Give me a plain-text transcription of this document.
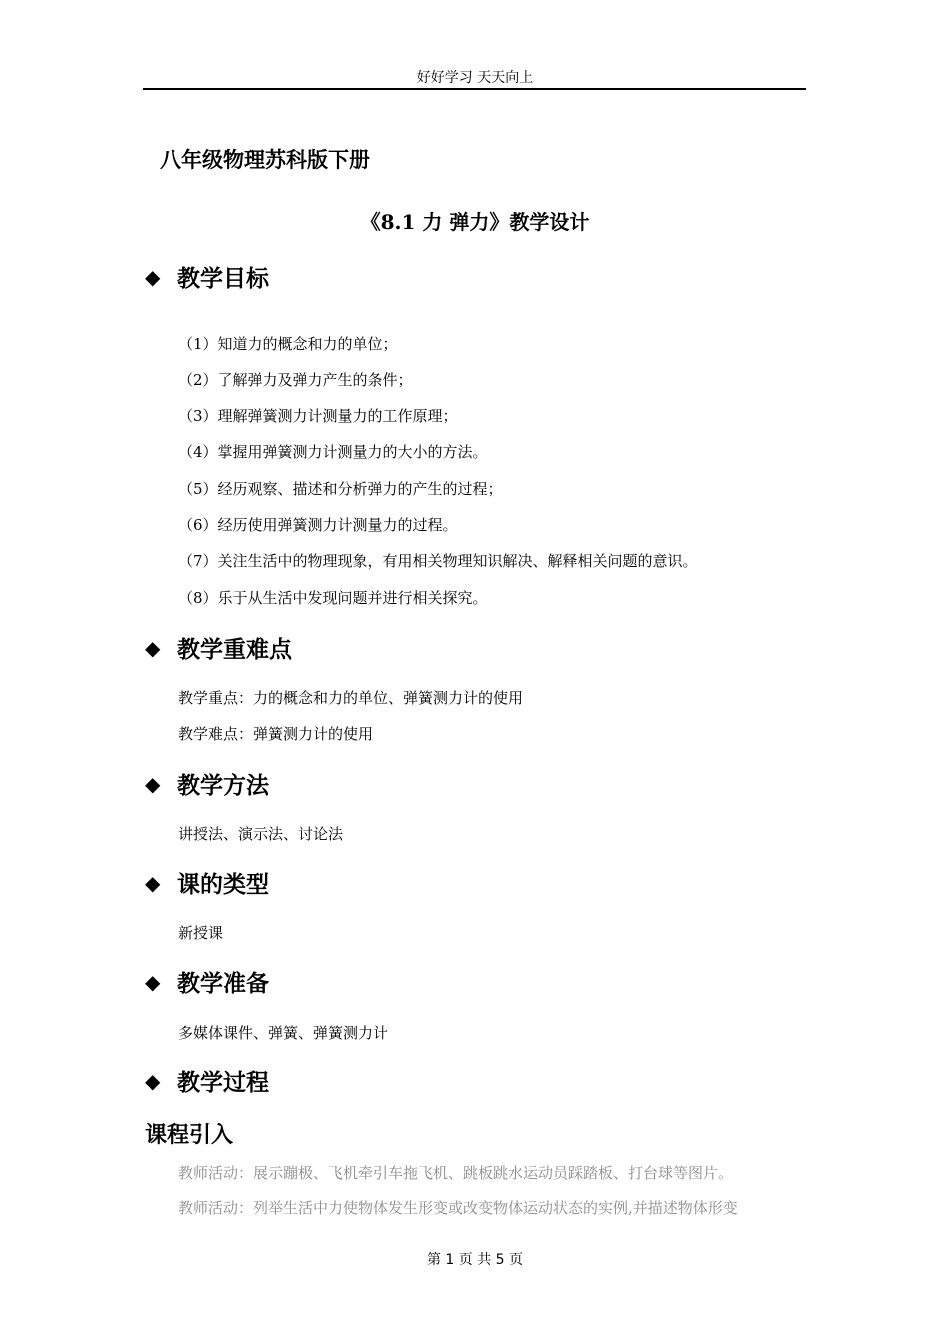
好好学习 天天向上
八年级物理苏科版下册
《8.1 力 弹力》教学设计
◆ 教学目标
（1）知道力的概念和力的单位；
（2）了解弹力及弹力产生的条件；
（3）理解弹簧测力计测量力的工作原理；
（4）掌握用弹簧测力计测量力的大小的方法。
（5）经历观察、描述和分析弹力的产生的过程；
（6）经历使用弹簧测力计测量力的过程。
（7）关注生活中的物理现象，有用相关物理知识解决、解释相关问题的意识。
（8）乐于从生活中发现问题并进行相关探究。
◆ 教学重难点
教学重点：力的概念和力的单位、弹簧测力计的使用
教学难点：弹簧测力计的使用
◆ 教学方法
讲授法、演示法、讨论法
◆ 课的类型
新授课
◆ 教学准备
多媒体课件、弹簧、弹簧测力计
◆ 教学过程
课程引入
教师活动：展示蹦极、飞机牵引车拖飞机、跳板跳水运动员踩踏板、打台球等图片。
教师活动：列举生活中力使物体发生形变或改变物体运动状态的实例,并描述物体形变
第 1 页 共 5 页
